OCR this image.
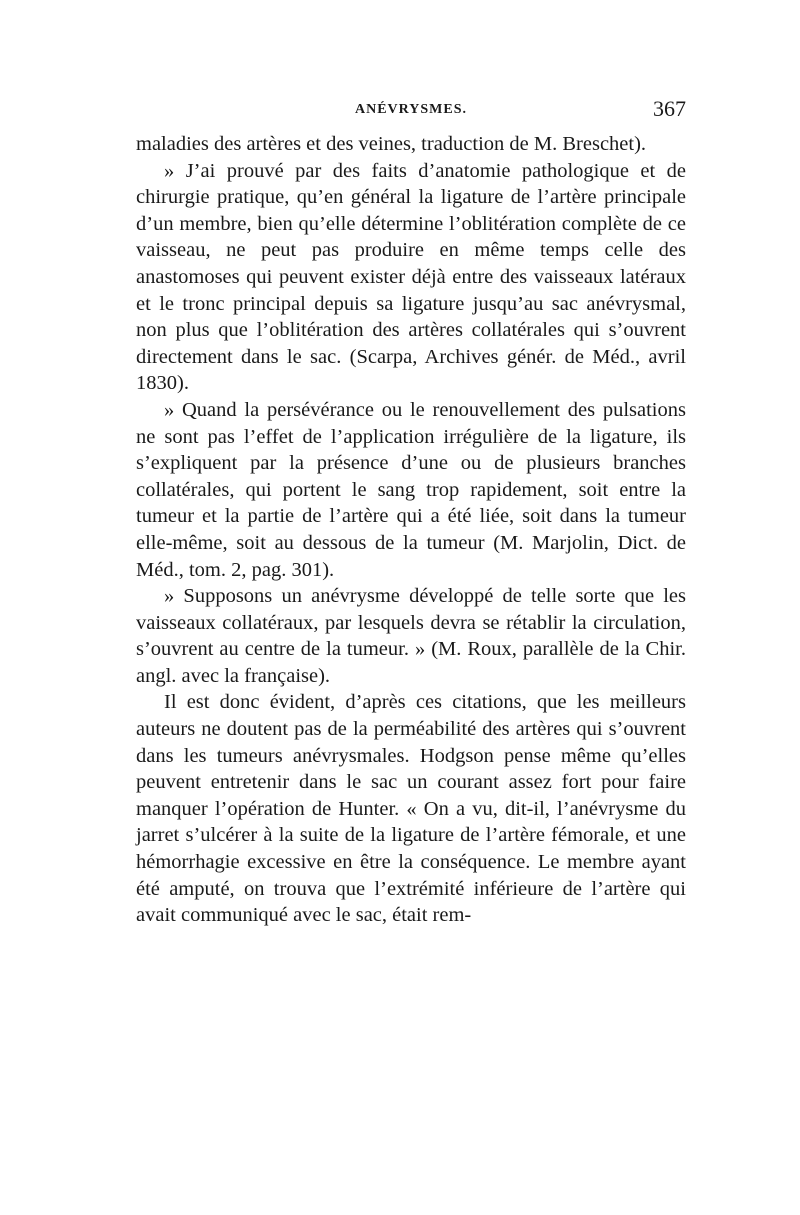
ANÉVRYSMES.	367

maladies des artères et des veines, traduction de M. Breschet).

» J’ai prouvé par des faits d’anatomie pathologique et de chirurgie pratique, qu’en général la ligature de l’artère principale d’un membre, bien qu’elle détermine l’oblitération complète de ce vaisseau, ne peut pas produire en même temps celle des anastomoses qui peuvent exister déjà entre des vaisseaux latéraux et le tronc principal depuis sa ligature jusqu’au sac anévrysmal, non plus que l’oblitération des artères collatérales qui s’ouvrent directement dans le sac. (Scarpa, Archives génér. de Méd., avril 1830).

» Quand la persévérance ou le renouvellement des pulsations ne sont pas l’effet de l’application irrégulière de la ligature, ils s’expliquent par la présence d’une ou de plusieurs branches collatérales, qui portent le sang trop rapidement, soit entre la tumeur et la partie de l’artère qui a été liée, soit dans la tumeur elle-même, soit au dessous de la tumeur (M. Marjolin, Dict. de Méd., tom. 2, pag. 301).

» Supposons un anévrysme développé de telle sorte que les vaisseaux collatéraux, par lesquels devra se rétablir la circulation, s’ouvrent au centre de la tumeur. » (M. Roux, parallèle de la Chir. angl. avec la française).

Il est donc évident, d’après ces citations, que les meilleurs auteurs ne doutent pas de la perméabilité des artères qui s’ouvrent dans les tumeurs anévrysmales. Hodgson pense même qu’elles peuvent entretenir dans le sac un courant assez fort pour faire manquer l’opération de Hunter. « On a vu, dit-il, l’anévrysme du jarret s’ulcérer à la suite de la ligature de l’artère fémorale, et une hémorrhagie excessive en être la conséquence. Le membre ayant été amputé, on trouva que l’extrémité inférieure de l’artère qui avait communiqué avec le sac, était rem-
